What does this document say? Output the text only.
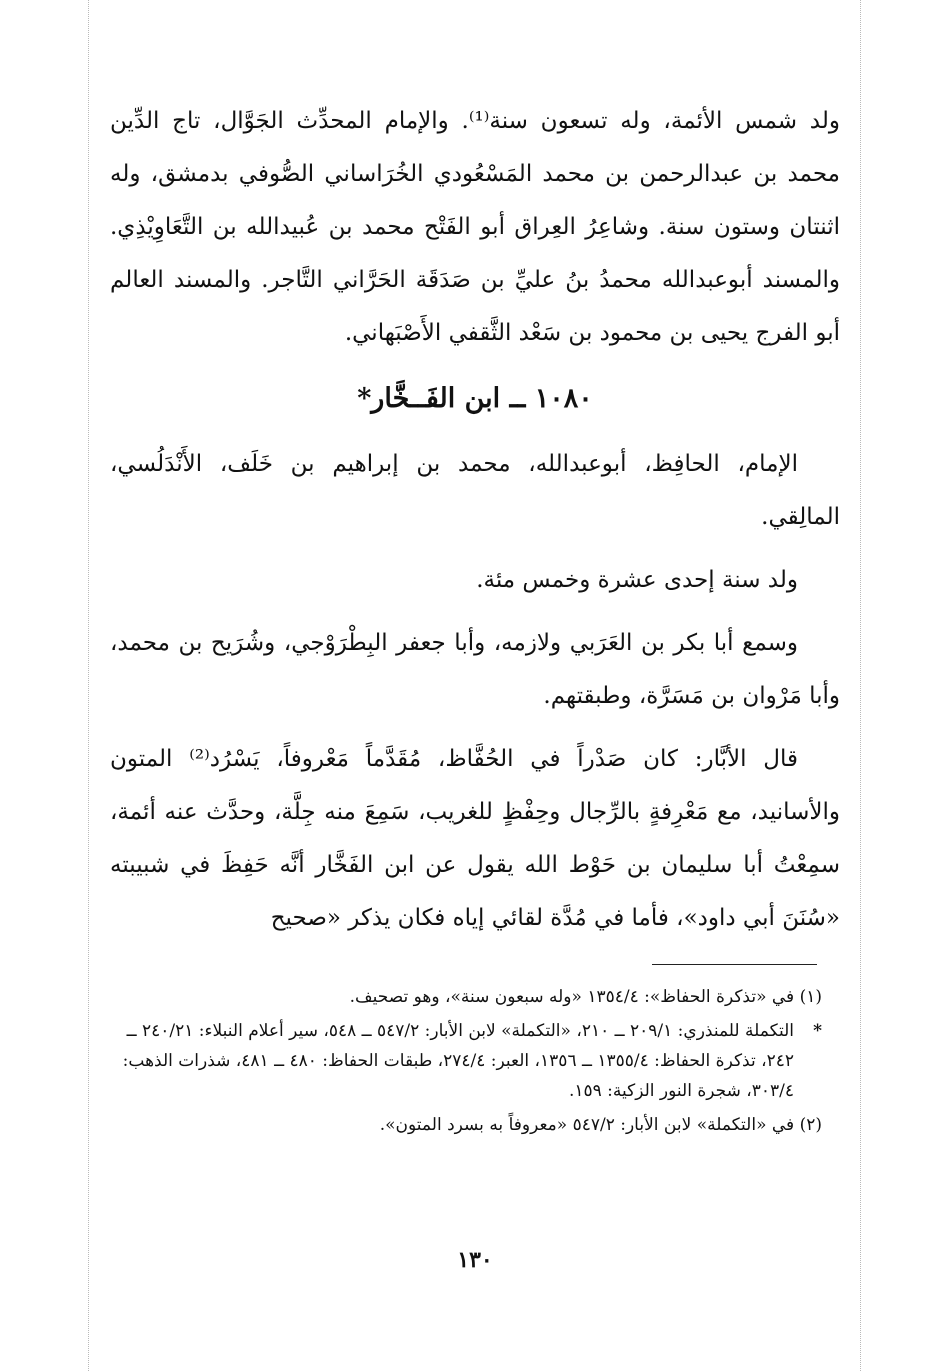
ولد شمس الأئمة، وله تسعون سنة⁽¹⁾. والإمام المحدِّث الجَوَّال، تاج الدِّين محمد بن عبدالرحمن بن محمد المَسْعُودي الخُرَاساني الصُّوفي بدمشق، وله اثنتان وستون سنة. وشاعِرُ العِراق أبو الفَتْح محمد بن عُبيدالله بن التَّعَاوِيْذِي. والمسند أبوعبدالله محمدُ بنُ عليِّ بن صَدَقَة الحَرَّاني التَّاجر. والمسند العالم أبو الفرج يحيى بن محمود بن سَعْد الثَّقفي الأَصْبَهاني.

١٠٨٠ ــ ابن الفَــخَّار*

الإمام، الحافِظ، أبوعبدالله، محمد بن إبراهيم بن خَلَف، الأَنْدَلُسي، المالِقي.

ولد سنة إحدى عشرة وخمس مئة.

وسمع أبا بكر بن العَرَبي ولازمه، وأبا جعفر البِطْرَوْجي، وشُرَيح بن محمد، وأبا مَرْوان بن مَسَرَّة، وطبقتهم.

قال الأبَّار: كان صَدْراً في الحُفَّاظ، مُقَدَّماً مَعْروفاً، يَسْرُد⁽²⁾ المتون والأسانيد، مع مَعْرِفةٍ بالرِّجال وحِفْظٍ للغريب، سَمِعَ منه جِلَّة، وحدَّث عنه أئمة، سمِعْتُ أبا سليمان بن حَوْط الله يقول عن ابن الفَخَّار أنَّه حَفِظَ في شبيبته «سُنَنَ أبي داود»، فأما في مُدَّة لقائي إياه فكان يذكر «صحيح

(١) في «تذكرة الحفاظ»: ١٣٥٤/٤ «وله سبعون سنة»، وهو تصحيف.

*
التكملة للمنذري: ٢٠٩/١ ــ ٢١٠، «التكملة» لابن الأبار: ٥٤٧/٢ ــ ٥٤٨، سير أعلام النبلاء: ٢٤٠/٢١ ــ ٢٤٢، تذكرة الحفاظ: ١٣٥٥/٤ ــ ١٣٥٦، العبر: ٢٧٤/٤، طبقات الحفاظ: ٤٨٠ ــ ٤٨١، شذرات الذهب: ٣٠٣/٤، شجرة النور الزكية: ١٥٩.

(٢) في «التكملة» لابن الأبار: ٥٤٧/٢ «معروفاً به بسرد المتون».

١٣٠
